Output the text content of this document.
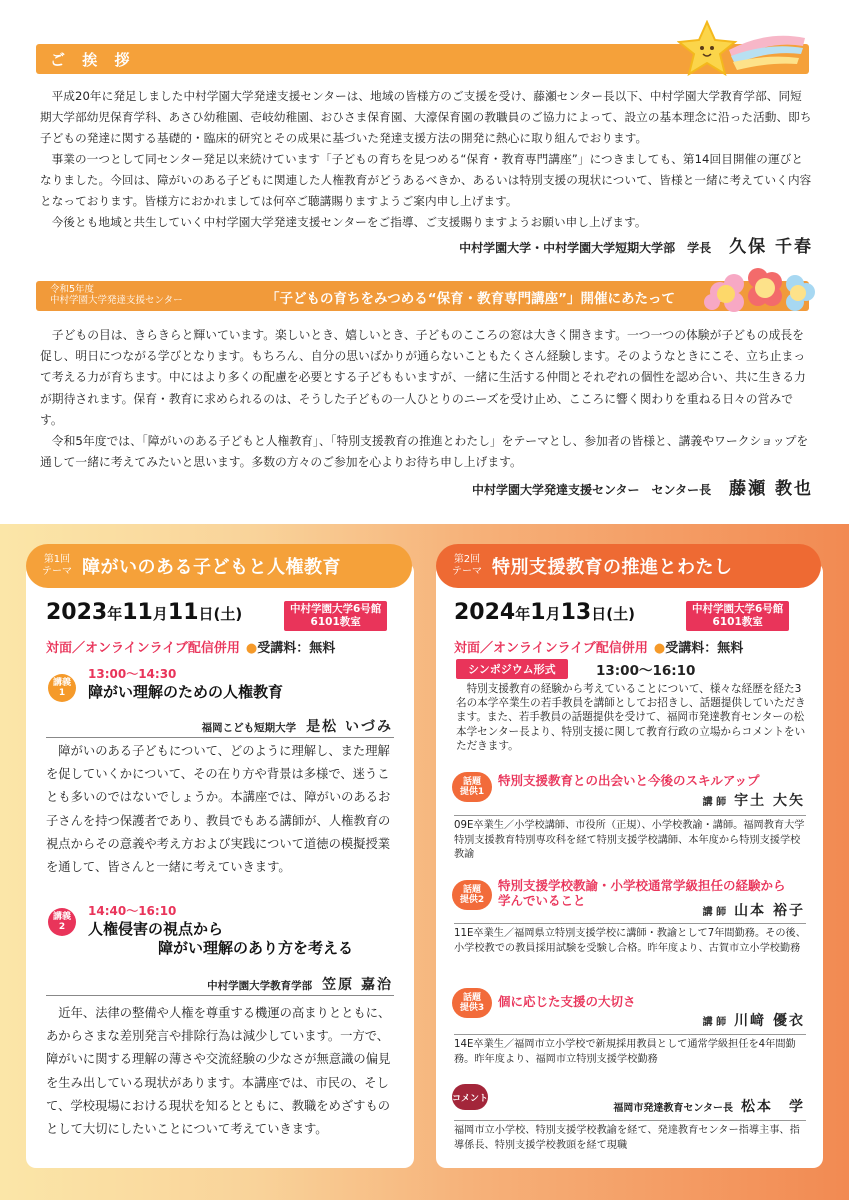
ご 挨 拶

平成20年に発足しました中村学園大学発達支援センターは、地域の皆様方のご支援を受け、藤瀬センター長以下、中村学園大学教育学部、同短期大学部幼児保育学科、あさひ幼稚園、壱岐幼稚園、おひさま保育園、大濠保育園の教職員のご協力によって、設立の基本理念に沿った活動、即ち子どもの発達に関する基礎的・臨床的研究とその成果に基づいた発達支援方法の開発に熱心に取り組んでおります。

事業の一つとして同センター発足以来続けています「子どもの育ちを見つめる“保育・教育専門講座”」につきましても、第14回目開催の運びとなりました。今回は、障がいのある子どもに関連した人権教育がどうあるべきか、あるいは特別支援の現状について、皆様と一緒に考えていく内容となっております。皆様方におかれましては何卒ご聴講賜りますようご案内申し上げます。

今後とも地域と共生していく中村学園大学発達支援センターをご指導、ご支援賜りますようお願い申し上げます。

中村学園大学・中村学園大学短期大学部　学長 久保 千春
令和5年度
中村学園大学発達支援センター	「子どもの育ちをみつめる“保育・教育専門講座”」開催にあたって

子どもの目は、きらきらと輝いています。楽しいとき、嬉しいとき、子どものこころの窓は大きく開きます。一つ一つの体験が子どもの成長を促し、明日につながる学びとなります。もちろん、自分の思いばかりが通らないこともたくさん経験します。そのようなときにこそ、立ち止まって考える力が育ちます。中にはより多くの配慮を必要とする子どももいますが、一緒に生活する仲間とそれぞれの個性を認め合い、共に生きる力が期待されます。保育・教育に求められるのは、そうした子どもの一人ひとりのニーズを受け止め、こころに響く関わりを重ねる日々の営みです。

令和5年度では、「障がいのある子どもと人権教育」、「特別支援教育の推進とわたし」をテーマとし、参加者の皆様と、講義やワークショップを通して一緒に考えてみたいと思います。多数の方々のご参加を心よりお待ち申し上げます。

中村学園大学発達支援センター　センター長 藤瀬 教也
第1回
テーマ 障がいのある子どもと人権教育
2023年11月11日(土)	中村学園大学6号館
6101教室
対面／オンラインライブ配信併用 ●受講料：無料
講義
1
13:00～14:30
障がい理解のための人権教育
福岡こども短期大学 是松 いづみ
障がいのある子どもについて、どのように理解し、また理解を促していくかについて、その在り方や背景は多様で、迷うことも多いのではないでしょうか。本講座では、障がいのあるお子さんを持つ保護者であり、教員でもある講師が、人権教育の視点からその意義や考え方および実践について道徳の模擬授業を通して、皆さんと一緒に考えていきます。
講義
2
14:40～16:10
人権侵害の視点から
障がい理解のあり方を考える
中村学園大学教育学部 笠原 嘉治
近年、法律の整備や人権を尊重する機運の高まりとともに、あからさまな差別発言や排除行為は減少しています。一方で、障がいに関する理解の薄さや交流経験の少なさが無意識の偏見を生み出している現状があります。本講座では、市民の、そして、学校現場における現状を知るとともに、教職をめざすものとして大切にしたいことについて考えていきます。
第2回
テーマ 特別支援教育の推進とわたし
2024年1月13日(土)	中村学園大学6号館
6101教室
対面／オンラインライブ配信併用 ●受講料：無料
シンポジウム形式	13:00～16:10
特別支援教育の経験から考えていることについて、様々な経歴を経た3名の本学卒業生の若手教員を講師としてお招きし、話題提供していただきます。また、若手教員の話題提供を受けて、福岡市発達教育センターの松本学センター長より、特別支援に関して教育行政の立場からコメントをいただきます。
話題
提供1
特別支援教育との出会いと今後のスキルアップ
講 師 宇土 大矢
09E卒業生／小学校講師、市役所（正規）、小学校教諭・講師。福岡教育大学特別支援教育特別専攻科を経て特別支援学校講師、本年度から特別支援学校教諭
話題
提供2
特別支援学校教諭・小学校通常学級担任の経験から
学んでいること
講 師 山本 裕子
11E卒業生／福岡県立特別支援学校に講師・教諭として7年間勤務。その後、小学校教での教員採用試験を受験し合格。昨年度より、古賀市立小学校勤務
話題
提供3	個に応じた支援の大切さ
講 師 川﨑 優衣
14E卒業生／福岡市立小学校で新規採用教員として通常学級担任を4年間勤務。昨年度より、福岡市立特別支援学校勤務
コメント
福岡市発達教育センター長 松本　学
福岡市立小学校、特別支援学校教諭を経て、発達教育センター指導主事、指導係長、特別支援学校教頭を経て現職
